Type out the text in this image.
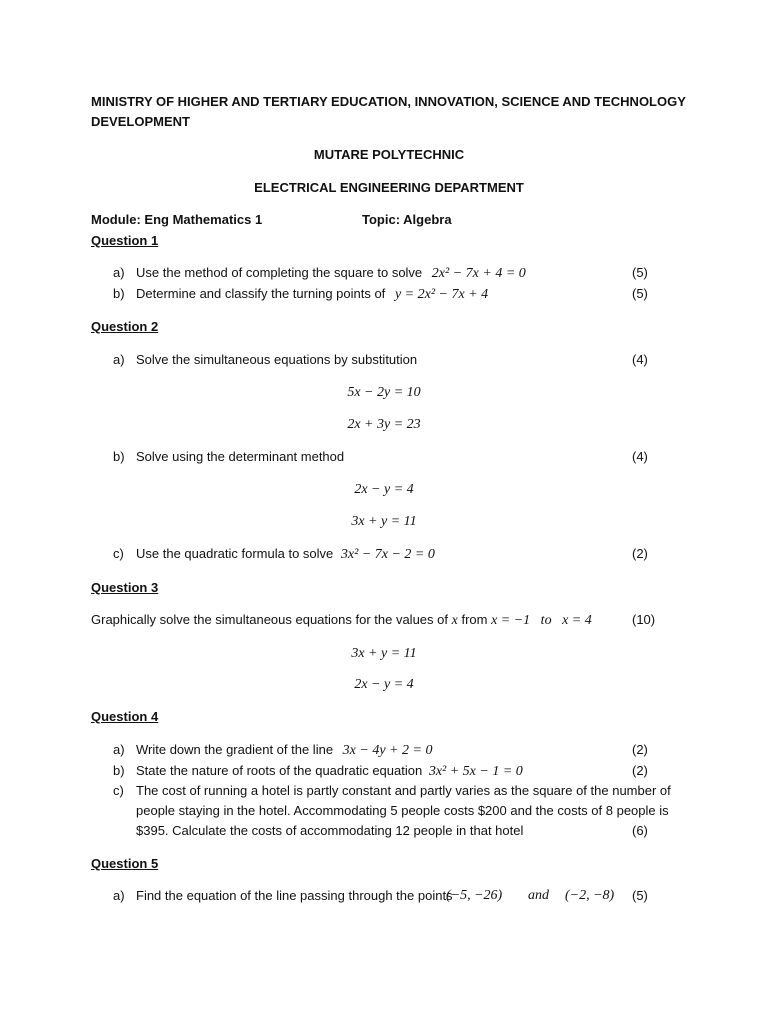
MINISTRY OF HIGHER AND TERTIARY EDUCATION, INNOVATION, SCIENCE AND TECHNOLOGY
DEVELOPMENT
MUTARE POLYTECHNIC
ELECTRICAL ENGINEERING DEPARTMENT
Module: Eng Mathematics 1	Topic: Algebra
Question 1
a) Use the method of completing the square to solve 2x² − 7x + 4 = 0	(5)
b) Determine and classify the turning points of y = 2x² − 7x + 4	(5)
Question 2
a) Solve the simultaneous equations by substitution	(4)
5x − 2y = 10
2x + 3y = 23
b) Solve using the determinant method	(4)
2x − y = 4
3x + y = 11
c) Use the quadratic formula to solve 3x² − 7x − 2 = 0	(2)
Question 3
Graphically solve the simultaneous equations for the values of x from x = −1   to   x = 4	(10)
3x + y = 11
2x − y = 4
Question 4
a) Write down the gradient of the line 3x − 4y + 2 = 0	(2)
b) State the nature of roots of the quadratic equation 3x² + 5x − 1 = 0	(2)
c) The cost of running a hotel is partly constant and partly varies as the square of the number of
people staying in the hotel. Accommodating 5 people costs $200 and the costs of 8 people is
$395. Calculate the costs of accommodating 12 people in that hotel	(6)
Question 5
a) Find the equation of the line passing through the points
(−5, −26) and (−2, −8) (5)
